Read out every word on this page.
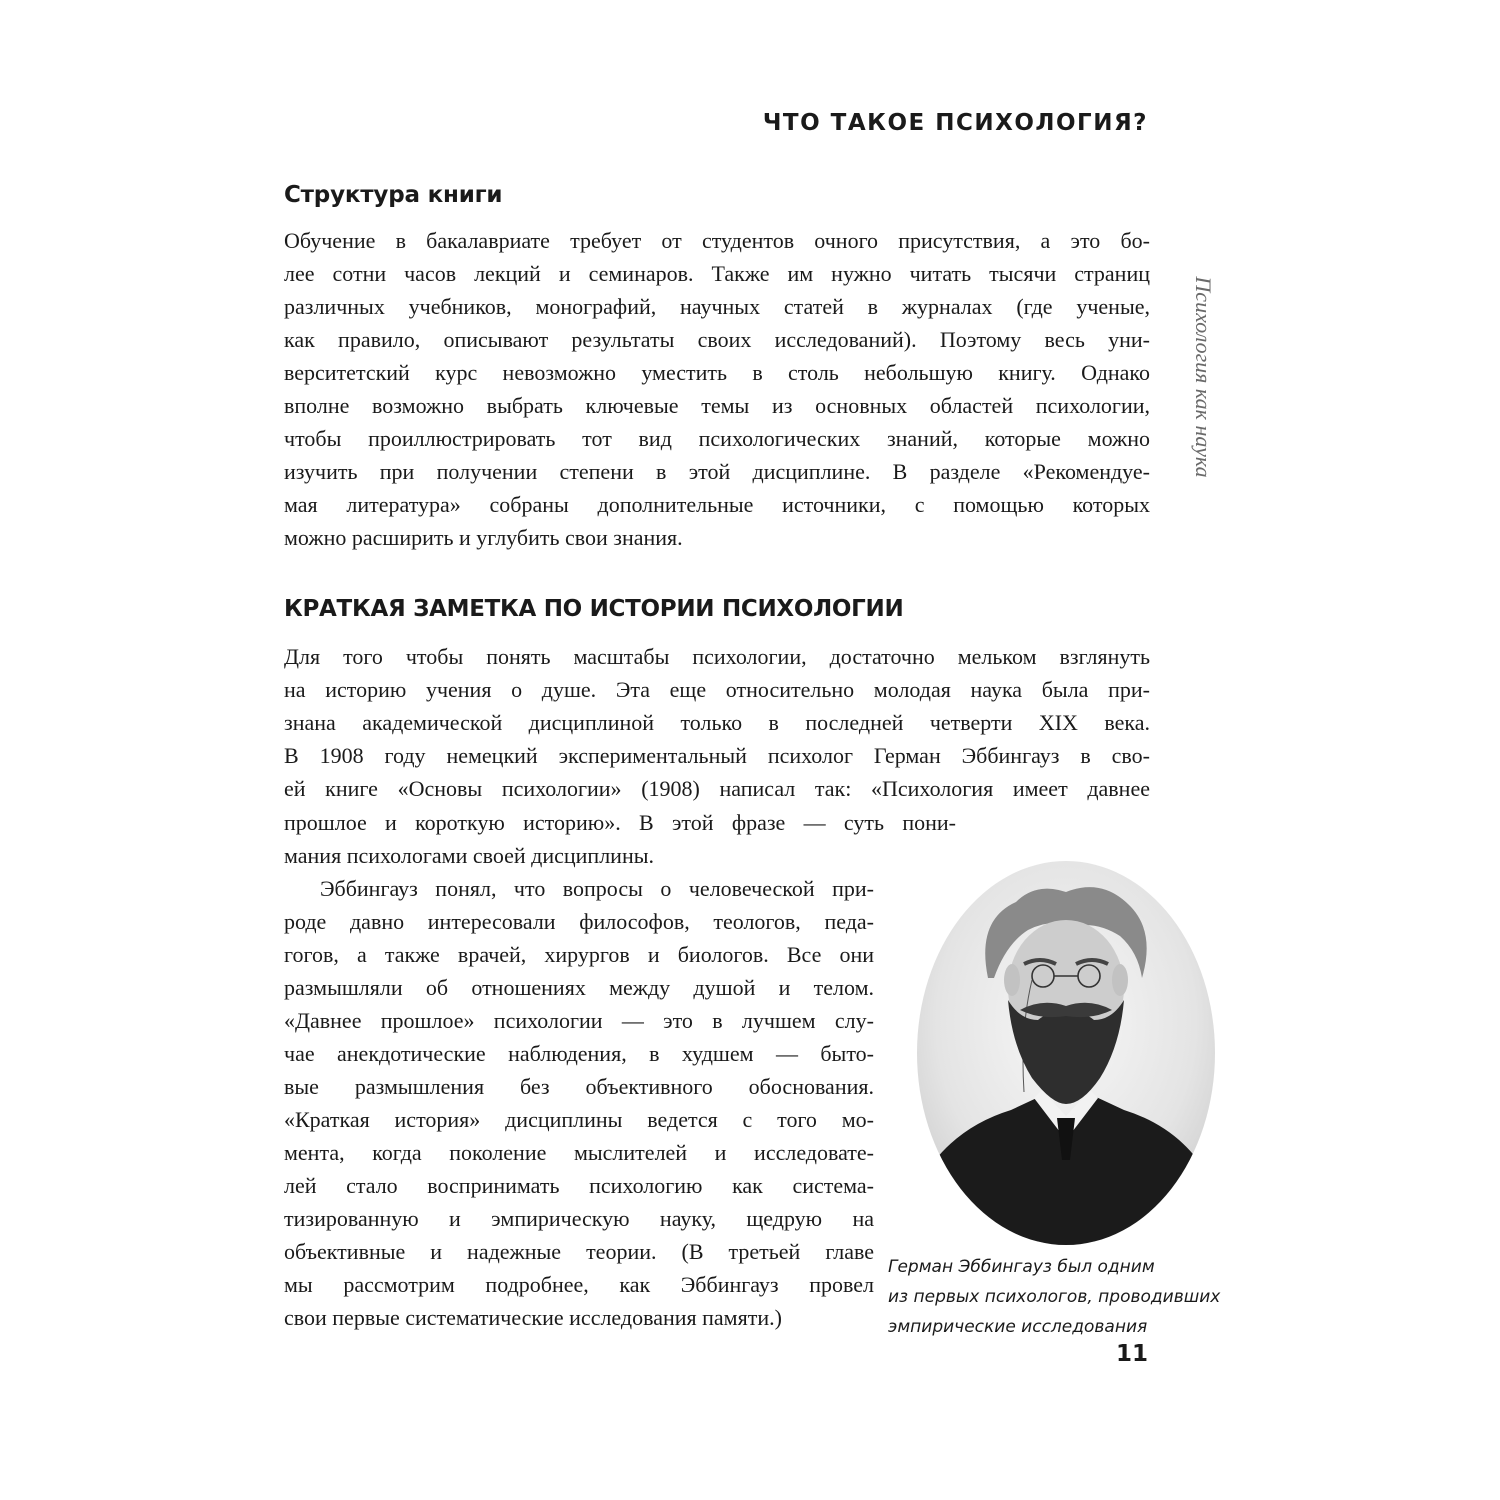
ЧТО ТАКОЕ ПСИХОЛОГИЯ?
Психология как наука
Структура книги
Обучение в бакалавриате требует от студентов очного присутствия, а это бо-
лее сотни часов лекций и семинаров. Также им нужно читать тысячи страниц
различных учебников, монографий, научных статей в журналах (где ученые,
как правило, описывают результаты своих исследований). Поэтому весь уни-
верситетский курс невозможно уместить в столь небольшую книгу. Однако
вполне возможно выбрать ключевые темы из основных областей психологии,
чтобы проиллюстрировать тот вид психологических знаний, которые можно
изучить при получении степени в этой дисциплине. В разделе «Рекомендуе-
мая литература» собраны дополнительные источники, с помощью которых
можно расширить и углубить свои знания.
КРАТКАЯ ЗАМЕТКА ПО ИСТОРИИ ПСИХОЛОГИИ
Для того чтобы понять масштабы психологии, достаточно мельком взглянуть
на историю учения о душе. Эта еще относительно молодая наука была при-
знана академической дисциплиной только в последней четверти XIX века.
В 1908 году немецкий экспериментальный психолог Герман Эббингауз в сво-
ей книге «Основы психологии» (1908) написал так: «Психология имеет давнее
прошлое и короткую историю». В этой фразе — суть пони-
мания психологами своей дисциплины.
Эббингауз понял, что вопросы о человеческой при-
роде давно интересовали философов, теологов, педа-
гогов, а также врачей, хирургов и биологов. Все они
размышляли об отношениях между душой и телом.
«Давнее прошлое» психологии — это в лучшем слу-
чае анекдотические наблюдения, в худшем — быто-
вые размышления без объективного обоснования.
«Краткая история» дисциплины ведется с того мо-
мента, когда поколение мыслителей и исследовате-
лей стало воспринимать психологию как система-
тизированную и эмпирическую науку, щедрую на
объективные и надежные теории. (В третьей главе
мы рассмотрим подробнее, как Эббингауз провел
свои первые систематические исследования памяти.)
Герман Эббингауз был одним
из первых психологов, проводивших
эмпирические исследования
11
